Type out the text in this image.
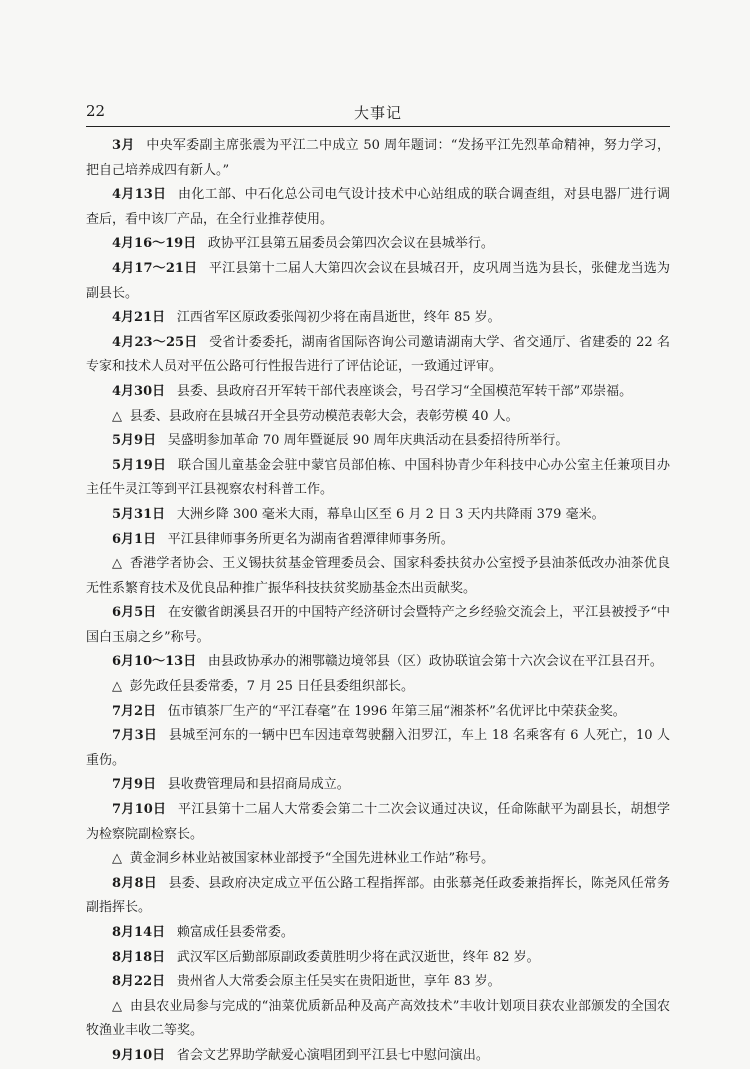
22	大事记

3月 中央军委副主席张震为平江二中成立 50 周年题词：“发扬平江先烈革命精神，努力学习，把自己培养成四有新人。”

4月13日 由化工部、中石化总公司电气设计技术中心站组成的联合调查组，对县电器厂进行调查后，看中该厂产品，在全行业推荐使用。

4月16～19日 政协平江县第五届委员会第四次会议在县城举行。

4月17～21日 平江县第十二届人大第四次会议在县城召开，皮巩周当选为县长，张健龙当选为副县长。

4月21日 江西省军区原政委张闯初少将在南昌逝世，终年 85 岁。

4月23～25日 受省计委委托，湖南省国际咨询公司邀请湖南大学、省交通厅、省建委的 22 名专家和技术人员对平伍公路可行性报告进行了评估论证，一致通过评审。

4月30日 县委、县政府召开军转干部代表座谈会，号召学习“全国模范军转干部”邓崇福。

△ 县委、县政府在县城召开全县劳动模范表彰大会，表彰劳模 40 人。

5月9日 吴盛明参加革命 70 周年暨诞辰 90 周年庆典活动在县委招待所举行。

5月19日 联合国儿童基金会驻中蒙官员部伯栋、中国科协青少年科技中心办公室主任兼项目办主任牛灵江等到平江县视察农村科普工作。

5月31日 大洲乡降 300 毫米大雨，幕阜山区至 6 月 2 日 3 天内共降雨 379 毫米。

6月1日 平江县律师事务所更名为湖南省碧潭律师事务所。

△ 香港学者协会、王义锡扶贫基金管理委员会、国家科委扶贫办公室授予县油茶低改办油茶优良无性系繁育技术及优良品种推广振华科技扶贫奖励基金杰出贡献奖。

6月5日 在安徽省朗溪县召开的中国特产经济研讨会暨特产之乡经验交流会上，平江县被授予“中国白玉扇之乡”称号。

6月10～13日 由县政协承办的湘鄂赣边境邻县（区）政协联谊会第十六次会议在平江县召开。

△ 彭先政任县委常委，7 月 25 日任县委组织部长。

7月2日 伍市镇茶厂生产的“平江春毫”在 1996 年第三届“湘茶杯”名优评比中荣获金奖。

7月3日 县城至河东的一辆中巴车因违章驾驶翻入汨罗江，车上 18 名乘客有 6 人死亡，10 人重伤。

7月9日 县收费管理局和县招商局成立。

7月10日 平江县第十二届人大常委会第二十二次会议通过决议，任命陈献平为副县长，胡想学为检察院副检察长。

△ 黄金洞乡林业站被国家林业部授予“全国先进林业工作站”称号。

8月8日 县委、县政府决定成立平伍公路工程指挥部。由张慕尧任政委兼指挥长，陈尧风任常务副指挥长。

8月14日 赖富成任县委常委。

8月18日 武汉军区后勤部原副政委黄胜明少将在武汉逝世，终年 82 岁。

8月22日 贵州省人大常委会原主任吴实在贵阳逝世，享年 83 岁。

△ 由县农业局参与完成的“油菜优质新品种及高产高效技术”丰收计划项目获农业部颁发的全国农牧渔业丰收二等奖。

9月10日 省会文艺界助学献爱心演唱团到平江县七中慰问演出。
